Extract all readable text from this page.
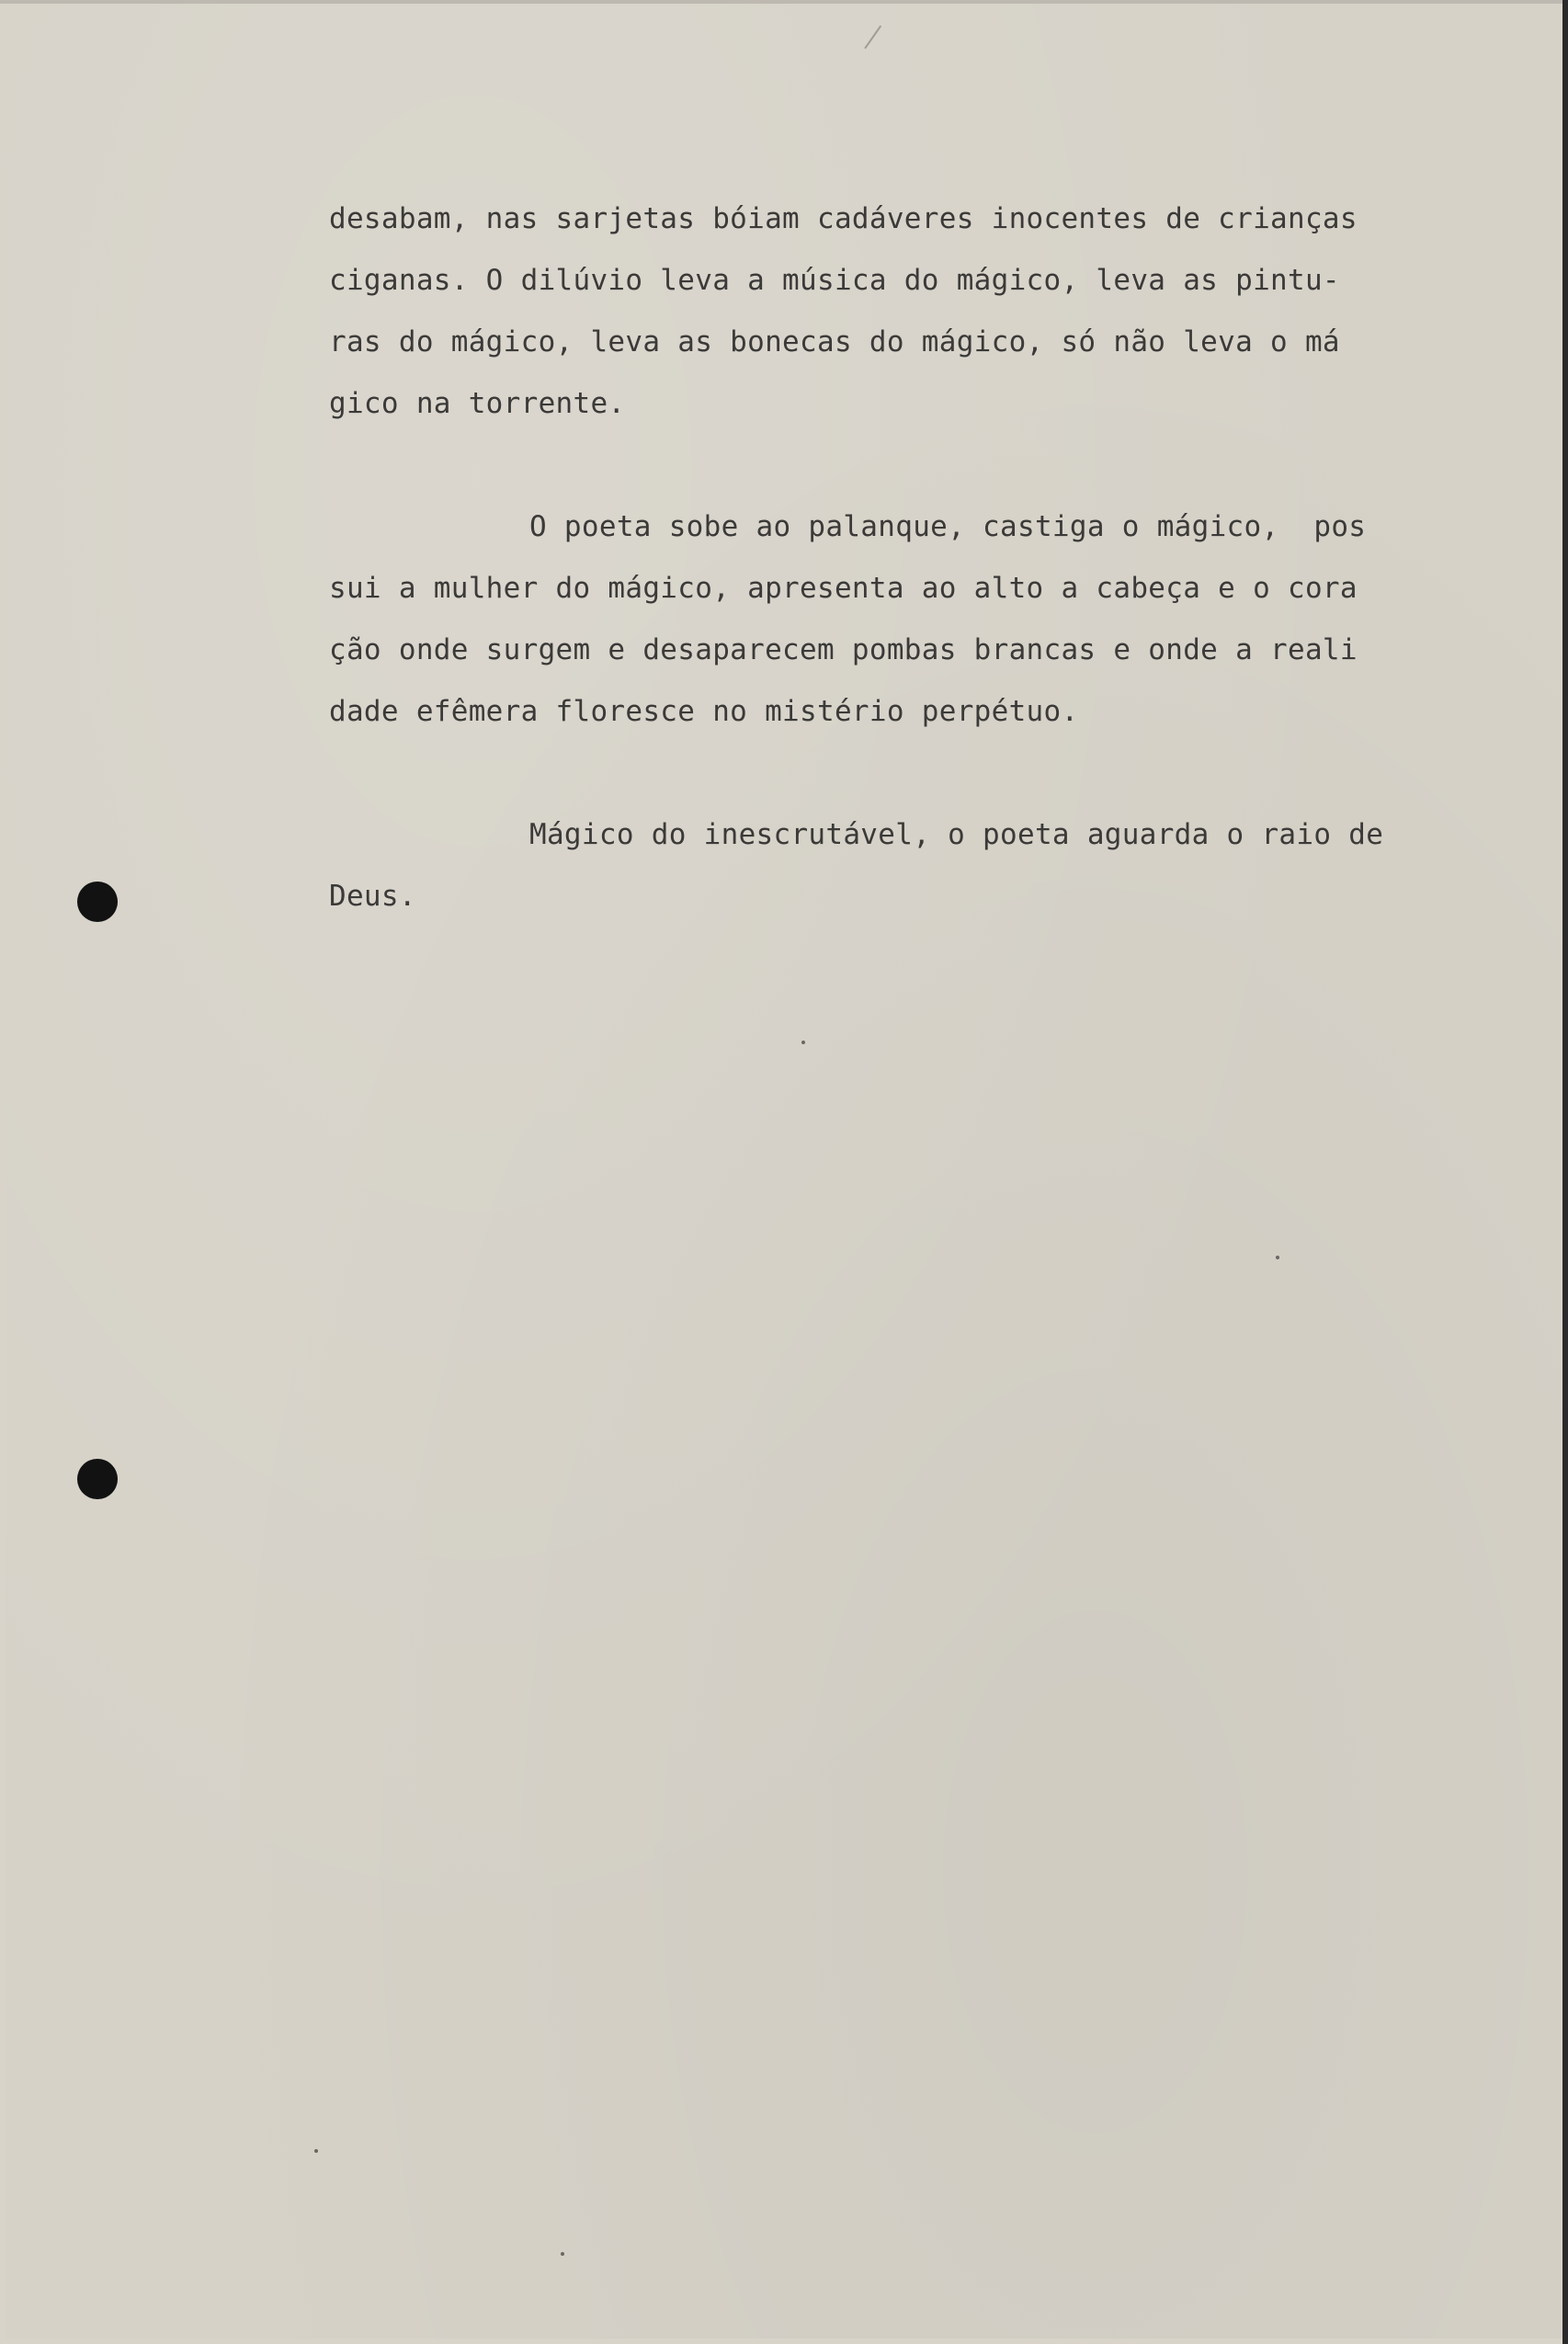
desabam, nas sarjetas bóiam cadáveres inocentes de crianças
ciganas. O dilúvio leva a música do mágico, leva as pintu-
ras do mágico, leva as bonecas do mágico, só não leva o má
gico na torrente.
O poeta sobe ao palanque, castiga o mágico,  pos
sui a mulher do mágico, apresenta ao alto a cabeça e o cora
ção onde surgem e desaparecem pombas brancas e onde a reali
dade efêmera floresce no mistério perpétuo.
Mágico do inescrutável, o poeta aguarda o raio de
Deus.
